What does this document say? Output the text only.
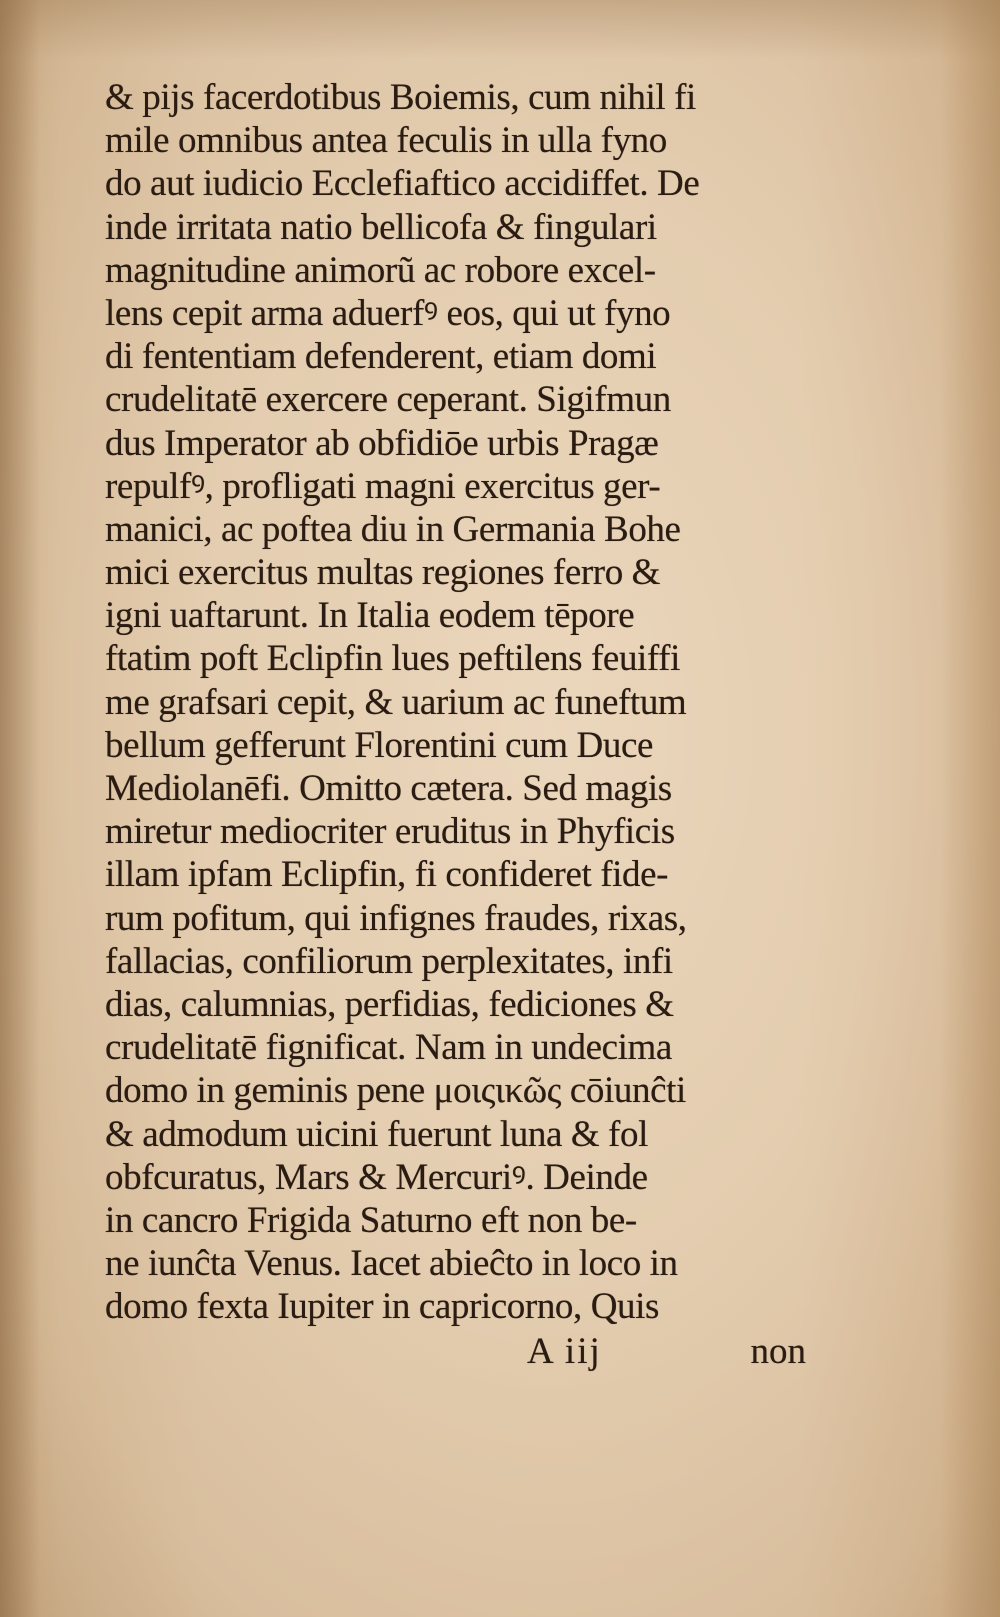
& pijs facerdotibus Boiemis, cum nihil fi
mile omnibus antea feculis in ulla fyno
do aut iudicio Ecclefiaftico accidiffet. De
inde irritata natio bellicofa & fingulari
magnitudine animorũ ac robore excel-
lens cepit arma aduerfꝰ eos, qui ut fyno
di fententiam defenderent, etiam domi
crudelitatē exercere ceperant. Sigifmun
dus Imperator ab obfidiōe urbis Pragæ
repulfꝰ, profligati magni exercitus ger-
manici, ac poftea diu in Germania Bohe
mici exercitus multas regiones ferro &
igni uaftarunt. In Italia eodem tēpore
ftatim poft Eclipfin lues peftilens feuiffi
me grafsari cepit, & uarium ac funeftum
bellum gefferunt Florentini cum Duce
Mediolanēfi. Omitto cætera. Sed magis
miretur mediocriter eruditus in Phyficis
illam ipfam Eclipfin, fi confideret fide-
rum pofitum, qui infignes fraudes, rixas,
fallacias, confiliorum perplexitates, infi
dias, calumnias, perfidias, fediciones &
crudelitatē fignificat. Nam in undecima
domo in geminis pene μοιςικῶς cōiunĉti
& admodum uicini fuerunt luna & fol
obfcuratus, Mars & Mercuriꝰ. Deinde
in cancro Frigida Saturno eft non be-
ne iunĉta Venus. Iacet abieĉto in loco in
domo fexta Iupiter in capricorno, Quis
A iij	non
